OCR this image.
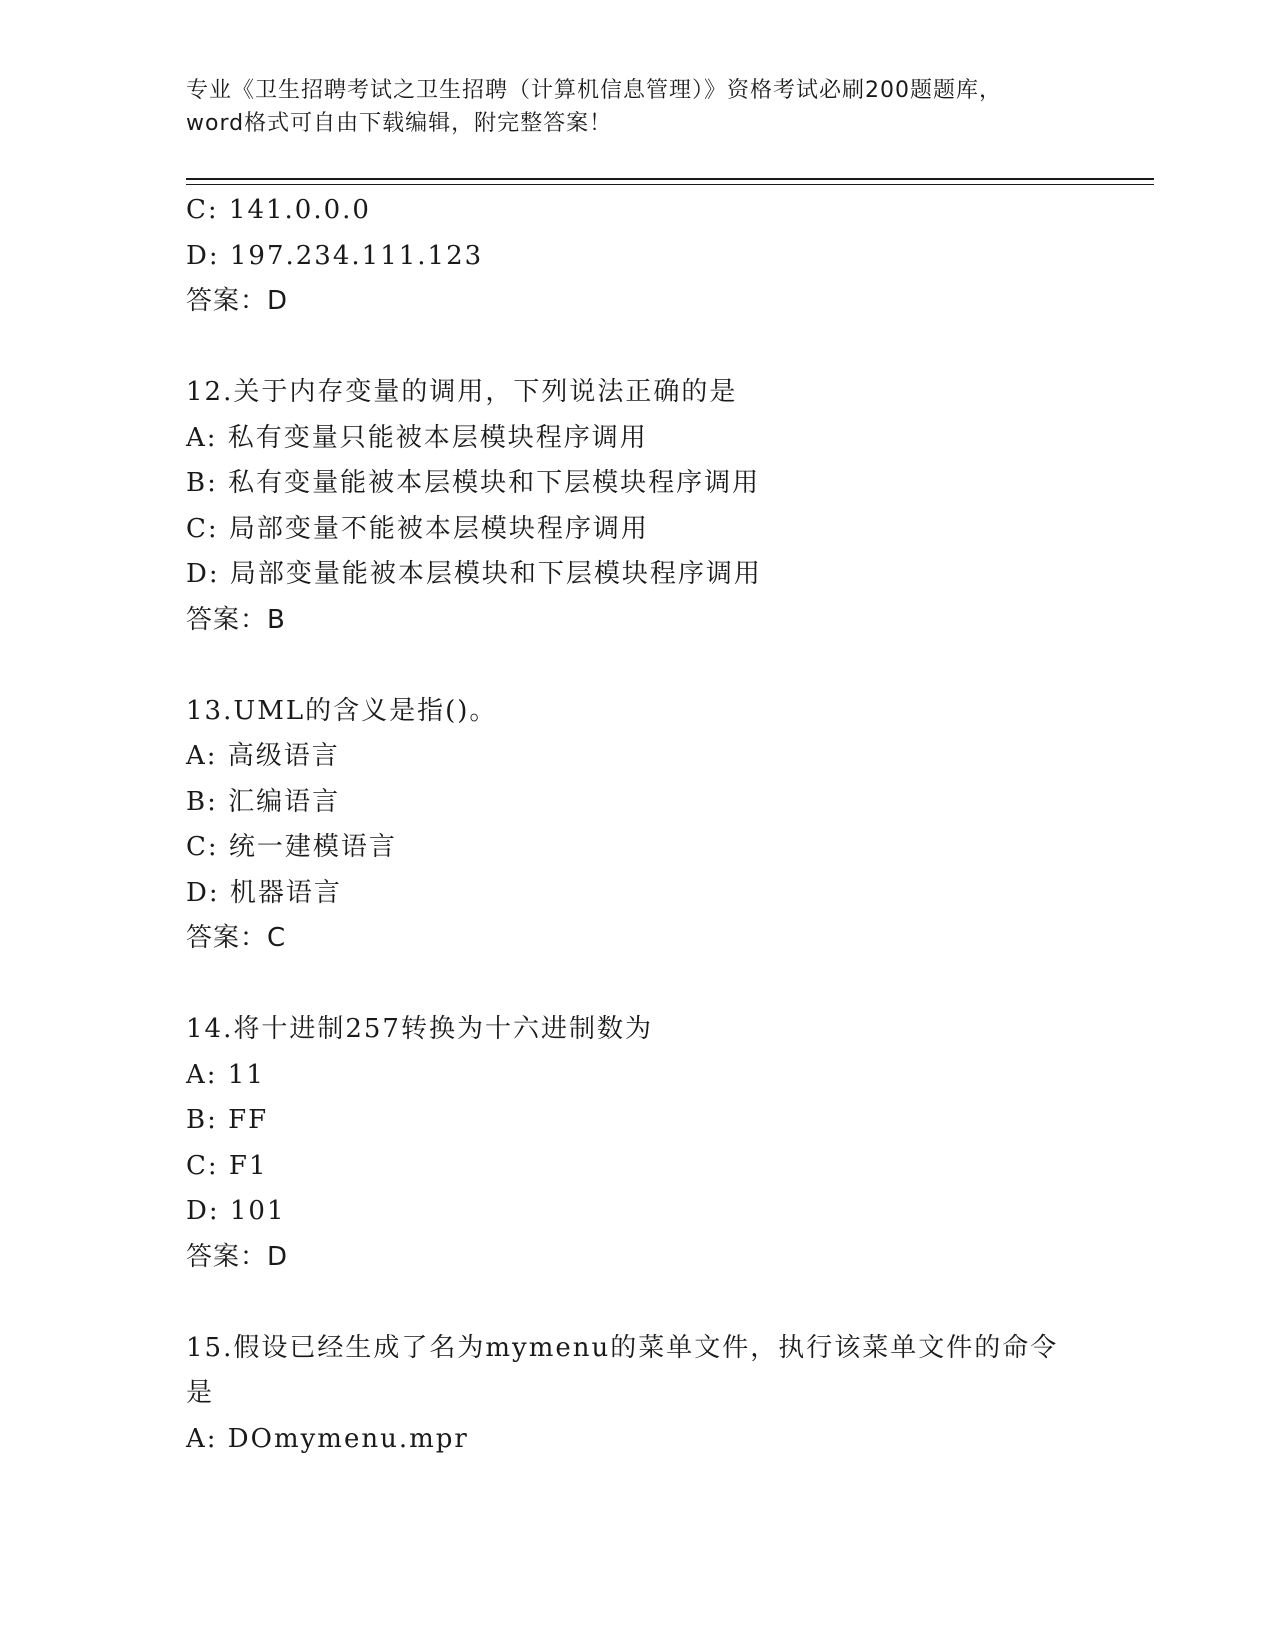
专业《卫生招聘考试之卫生招聘（计算机信息管理）》资格考试必刷200题题库，
word格式可自由下载编辑，附完整答案！
C: 141.0.0.0
D: 197.234.111.123
答案：D
12.关于内存变量的调用，下列说法正确的是
A: 私有变量只能被本层模块程序调用
B: 私有变量能被本层模块和下层模块程序调用
C: 局部变量不能被本层模块程序调用
D: 局部变量能被本层模块和下层模块程序调用
答案：B
13.UML的含义是指()。
A: 高级语言
B: 汇编语言
C: 统一建模语言
D: 机器语言
答案：C
14.将十进制257转换为十六进制数为
A: 11
B: FF
C: F1
D: 101
答案：D
15.假设已经生成了名为mymenu的菜单文件，执行该菜单文件的命令
是
A: DOmymenu.mpr
